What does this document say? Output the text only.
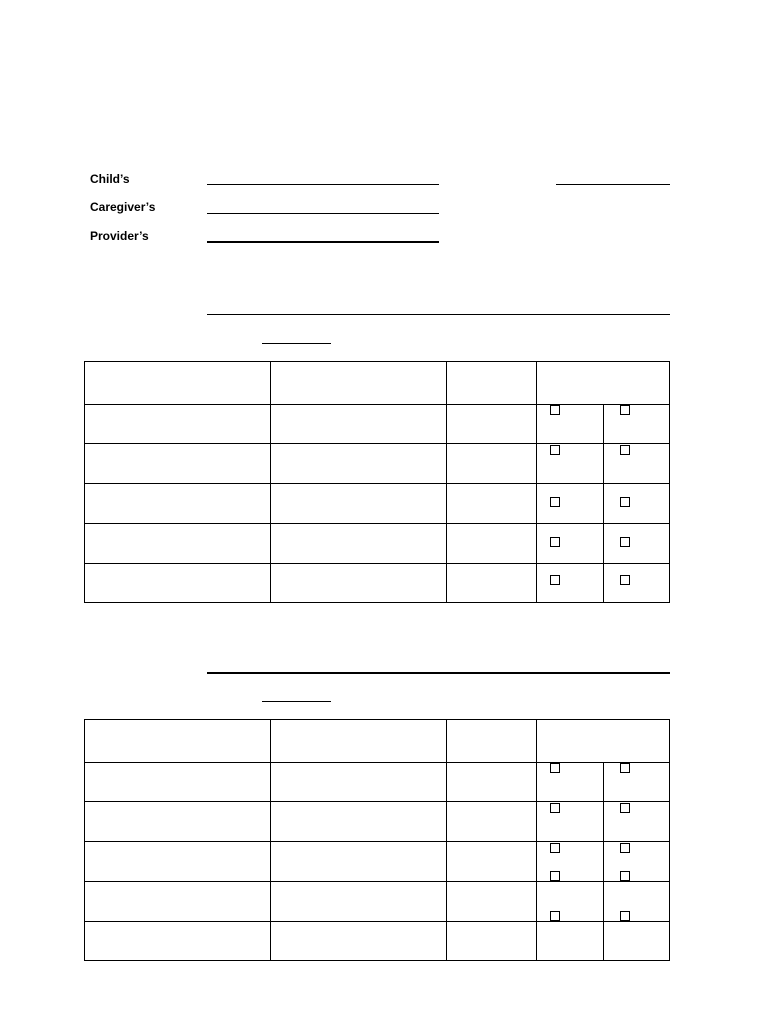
Child’s
Caregiver’s
Provider’s
